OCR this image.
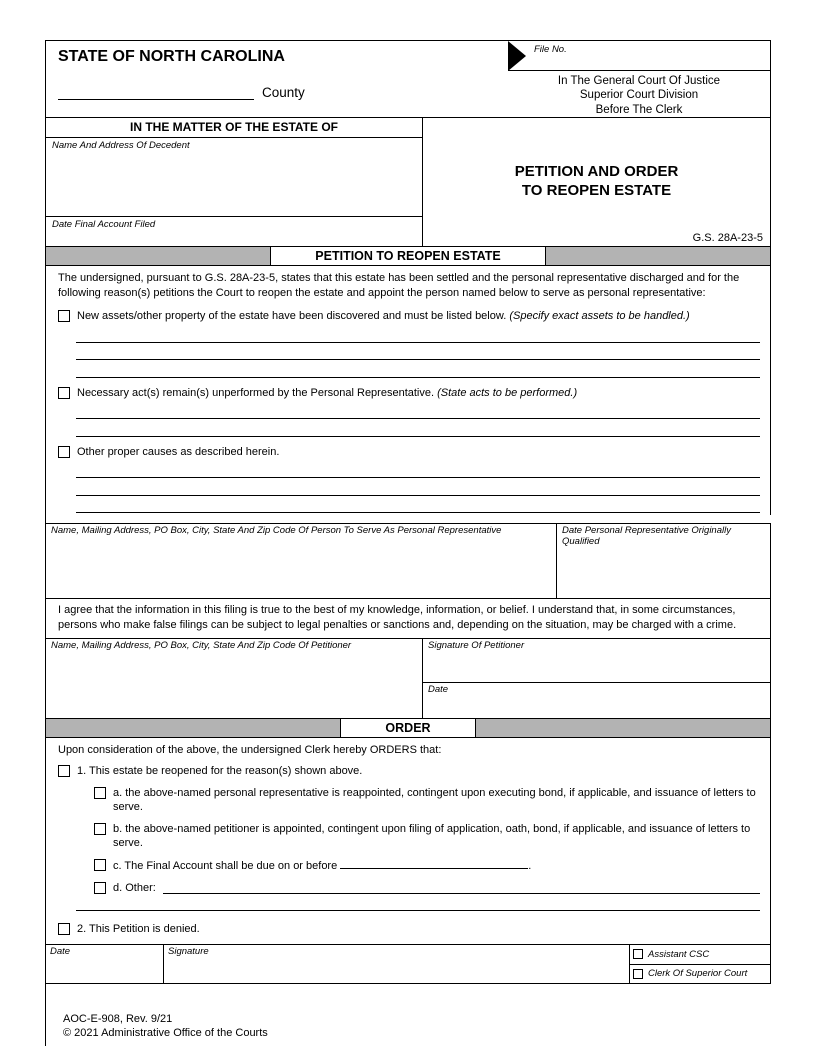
STATE OF NORTH CAROLINA
County
File No.
In The General Court Of Justice
Superior Court Division
Before The Clerk
IN THE MATTER OF THE ESTATE OF
Name And Address Of Decedent
Date Final Account Filed
PETITION AND ORDER
TO REOPEN ESTATE
G.S. 28A-23-5
PETITION TO REOPEN ESTATE
The undersigned, pursuant to G.S. 28A-23-5, states that this estate has been settled and the personal representative discharged and for the following reason(s) petitions the Court to reopen the estate and appoint the person named below to serve as personal representative:
New assets/other property of the estate have been discovered and must be listed below. (Specify exact assets to be handled.)
Necessary act(s) remain(s) unperformed by the Personal Representative. (State acts to be performed.)
Other proper causes as described herein.
Name, Mailing Address, PO Box, City, State And Zip Code Of Person To Serve As Personal Representative	Date Personal Representative Originally Qualified
I agree that the information in this filing is true to the best of my knowledge, information, or belief. I understand that, in some circumstances, persons who make false filings can be subject to legal penalties or sanctions and, depending on the situation, may be charged with a crime.
Name, Mailing Address, PO Box, City, State And Zip Code Of Petitioner	Signature Of Petitioner
Date
ORDER
Upon consideration of the above, the undersigned Clerk hereby ORDERS that:
1. This estate be reopened for the reason(s) shown above.
a. the above-named personal representative is reappointed, contingent upon executing bond, if applicable, and issuance of letters to serve.
b. the above-named petitioner is appointed, contingent upon filing of application, oath, bond, if applicable, and issuance of letters to serve.
c. The Final Account shall be due on or before	.
d. Other:
2. This Petition is denied.
Date	Signature	Assistant CSC
Clerk Of Superior Court
AOC-E-908, Rev. 9/21
© 2021 Administrative Office of the Courts
